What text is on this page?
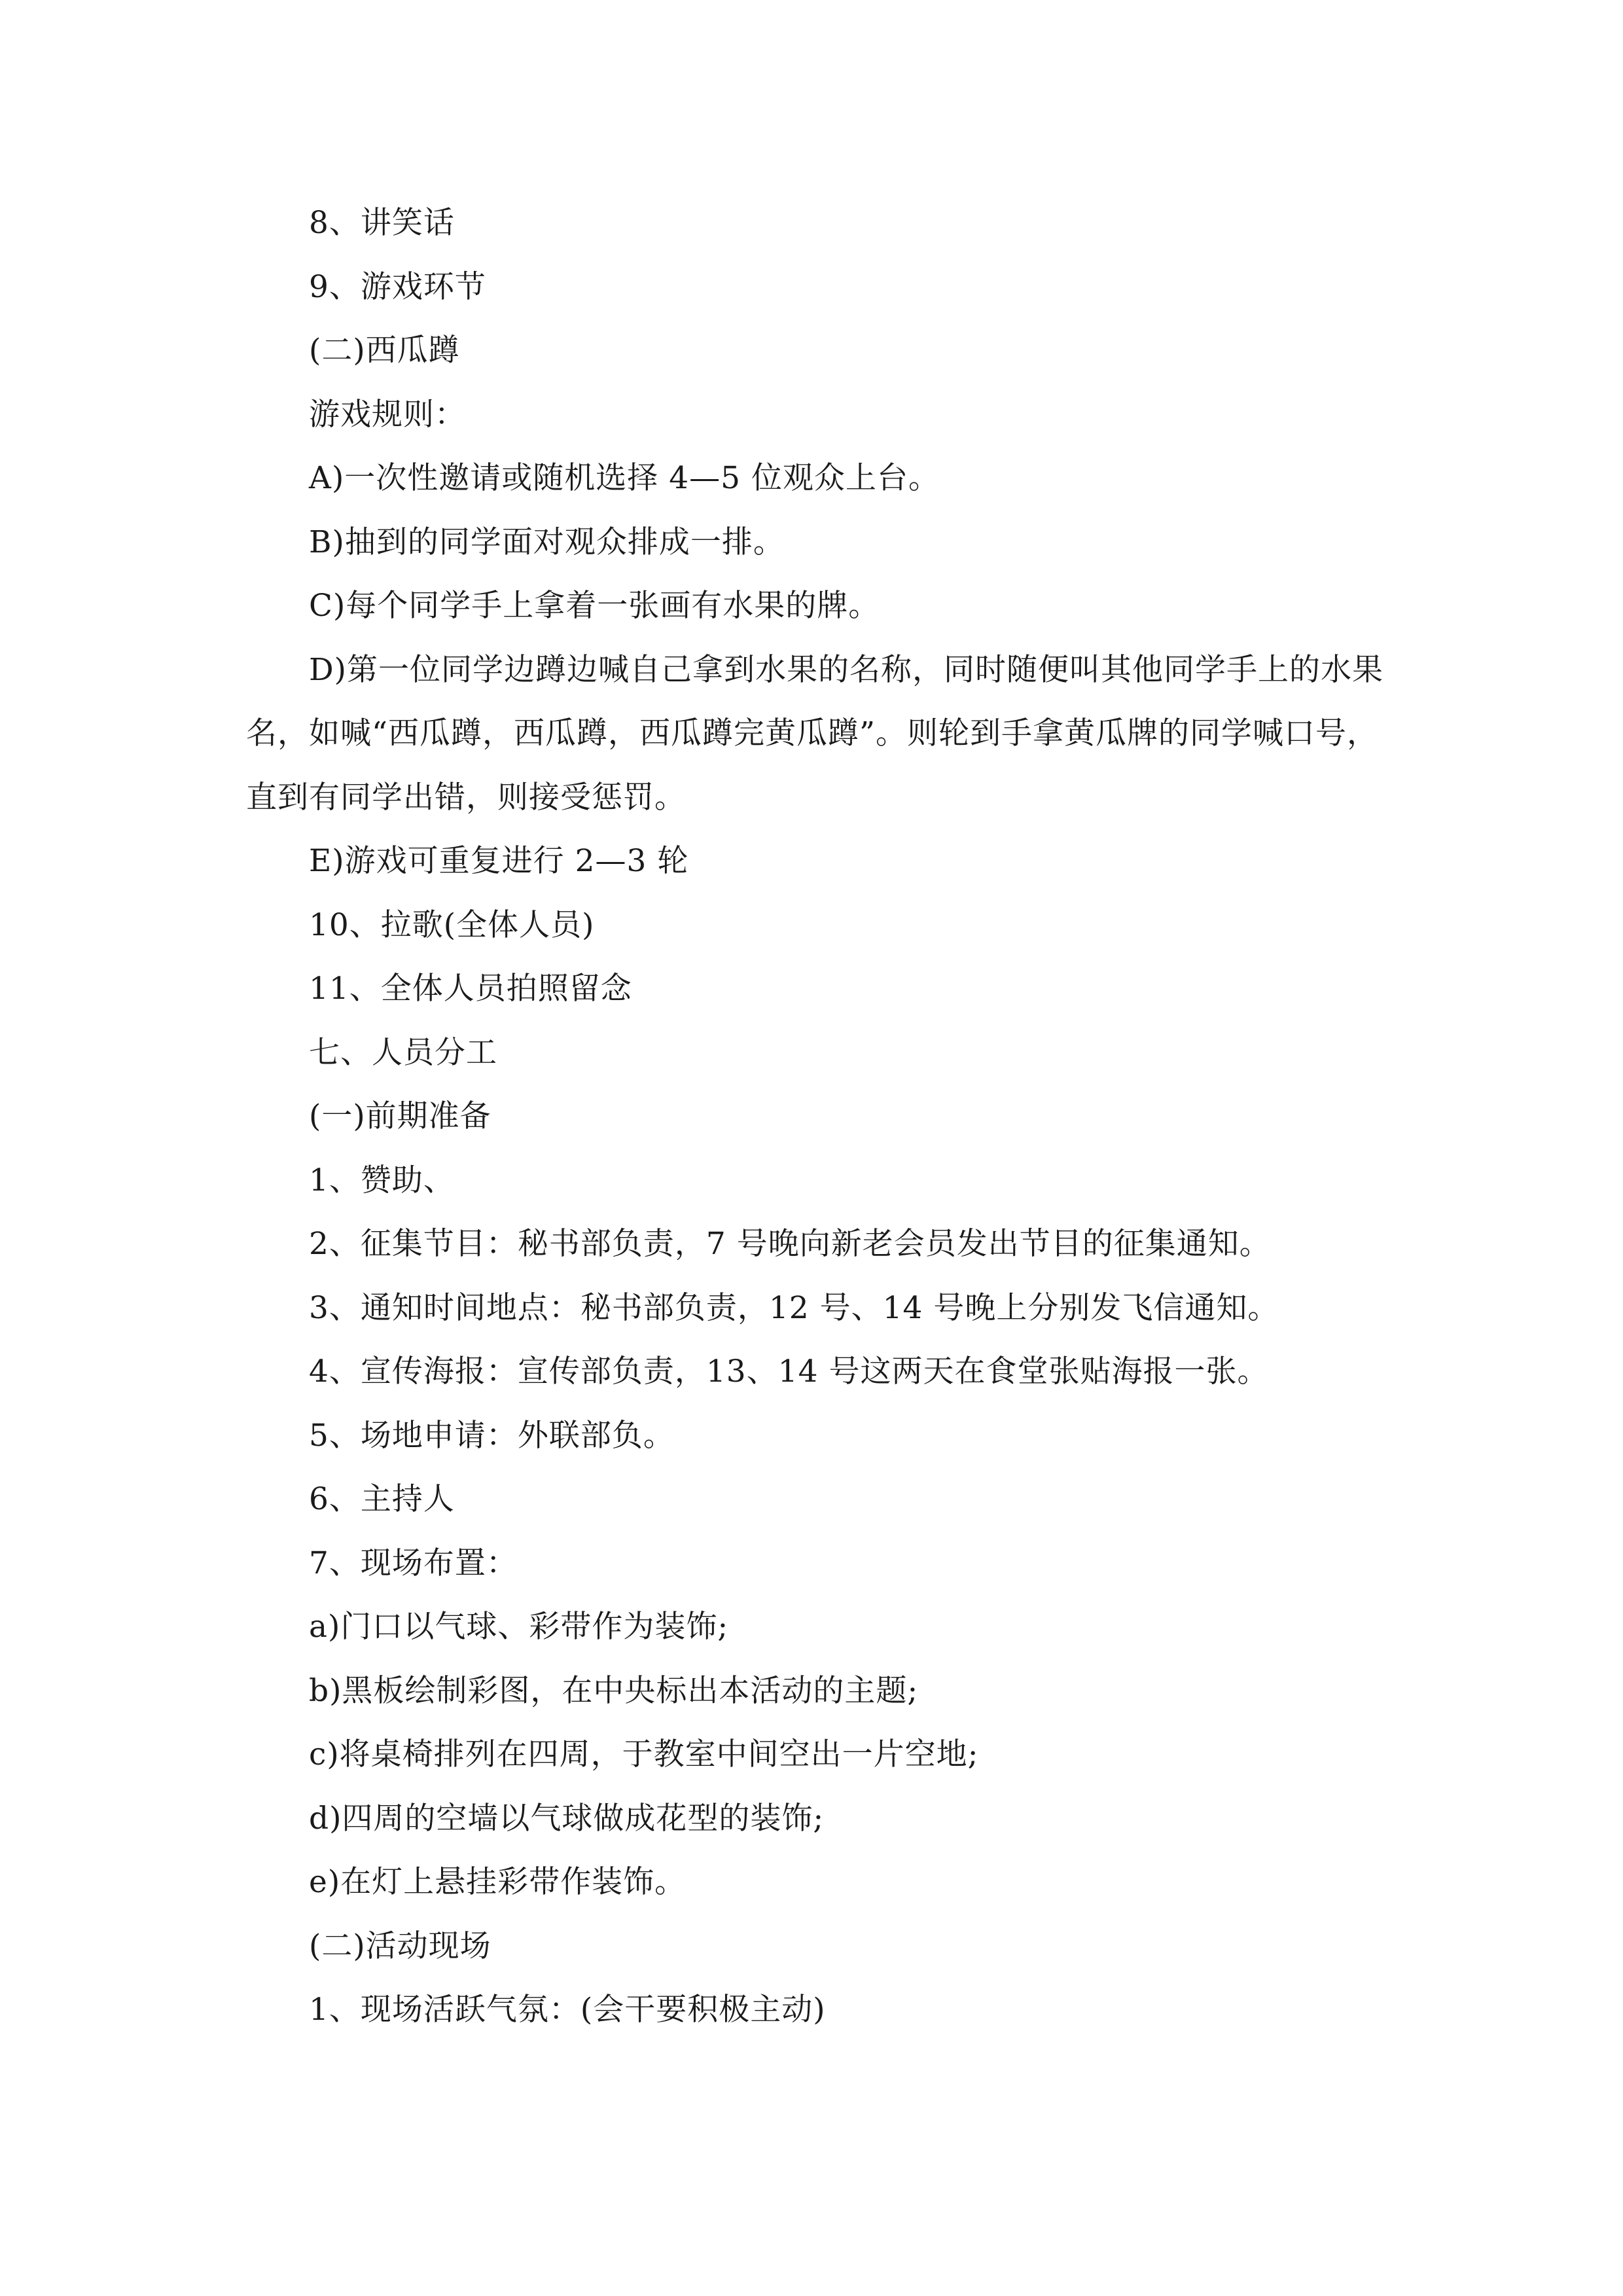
8、讲笑话

9、游戏环节

(二)西瓜蹲

游戏规则：

A)一次性邀请或随机选择 4—5 位观众上台。

B)抽到的同学面对观众排成一排。

C)每个同学手上拿着一张画有水果的牌。

D)第一位同学边蹲边喊自己拿到水果的名称，同时随便叫其他同学手上的水果名，如喊“西瓜蹲，西瓜蹲，西瓜蹲完黄瓜蹲”。则轮到手拿黄瓜牌的同学喊口号，直到有同学出错，则接受惩罚。

E)游戏可重复进行 2—3 轮

10、拉歌(全体人员)

11、全体人员拍照留念

七、人员分工

(一)前期准备

1、赞助、

2、征集节目：秘书部负责，7 号晚向新老会员发出节目的征集通知。

3、通知时间地点：秘书部负责，12 号、14 号晚上分别发飞信通知。

4、宣传海报：宣传部负责，13、14 号这两天在食堂张贴海报一张。

5、场地申请：外联部负。

6、主持人

7、现场布置：

a)门口以气球、彩带作为装饰;

b)黑板绘制彩图，在中央标出本活动的主题;

c)将桌椅排列在四周，于教室中间空出一片空地;

d)四周的空墙以气球做成花型的装饰;

e)在灯上悬挂彩带作装饰。

(二)活动现场

1、现场活跃气氛：(会干要积极主动)
